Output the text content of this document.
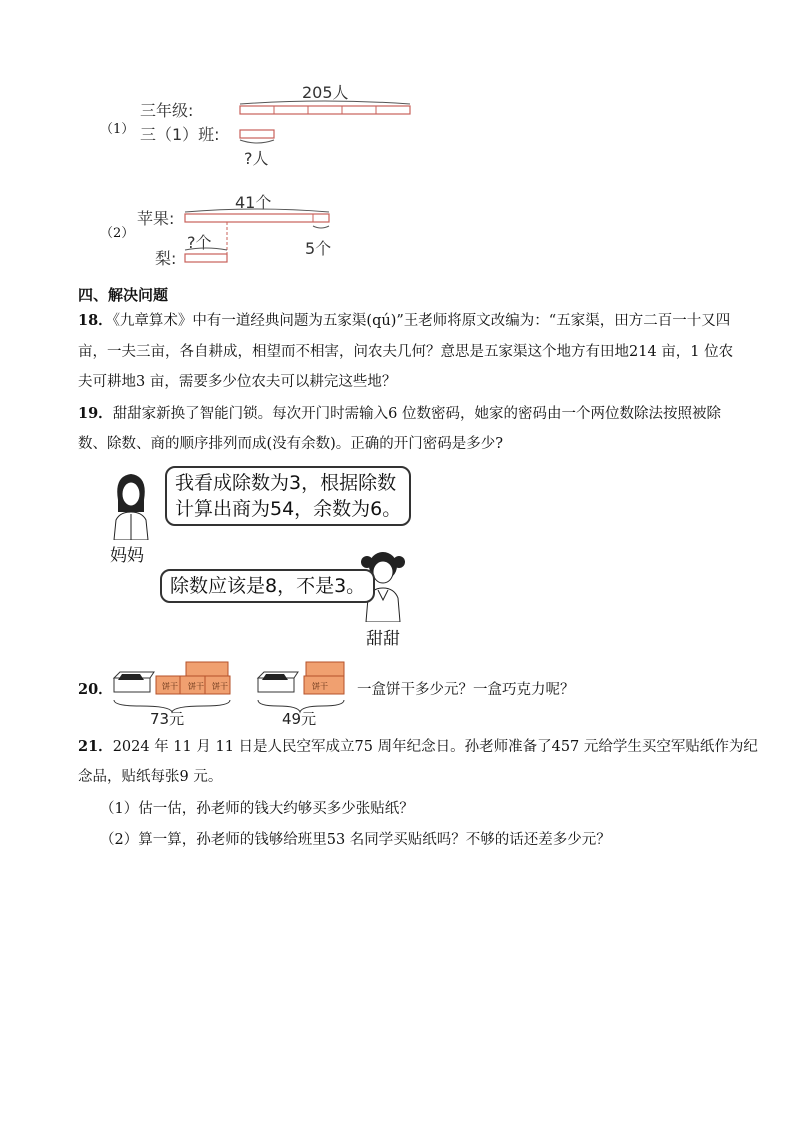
（1）
三年级:
三（1）班:
205人
?人
（2）
苹果:
梨:
41个
5个
?个
四、解决问题
18．《九章算术》中有一道经典问题为五家渠(qú)”王老师将原文改编为：“五家渠，田方二百一十又四
亩，一夫三亩，各自耕成，相望而不相害，问农夫几何？意思是五家渠这个地方有田地214 亩，1 位农
夫可耕地3 亩，需要多少位农夫可以耕完这些地？
19．甜甜家新换了智能门锁。每次开门时需输入6 位数密码，她家的密码由一个两位数除法按照被除
数、除数、商的顺序排列而成(没有余数)。正确的开门密码是多少?
妈妈
我看成除数为3，根据除数
计算出商为54，余数为6。
除数应该是8，不是3。
甜甜
20．	饼干 饼干 饼干
73元
饼干
49元
一盒饼干多少元？一盒巧克力呢？
21．2024 年 11 月 11 日是人民空军成立75 周年纪念日。孙老师准备了457 元给学生买空军贴纸作为纪
念品，贴纸每张9 元。
（1）估一估，孙老师的钱大约够买多少张贴纸？
（2）算一算，孙老师的钱够给班里53 名同学买贴纸吗？不够的话还差多少元？
